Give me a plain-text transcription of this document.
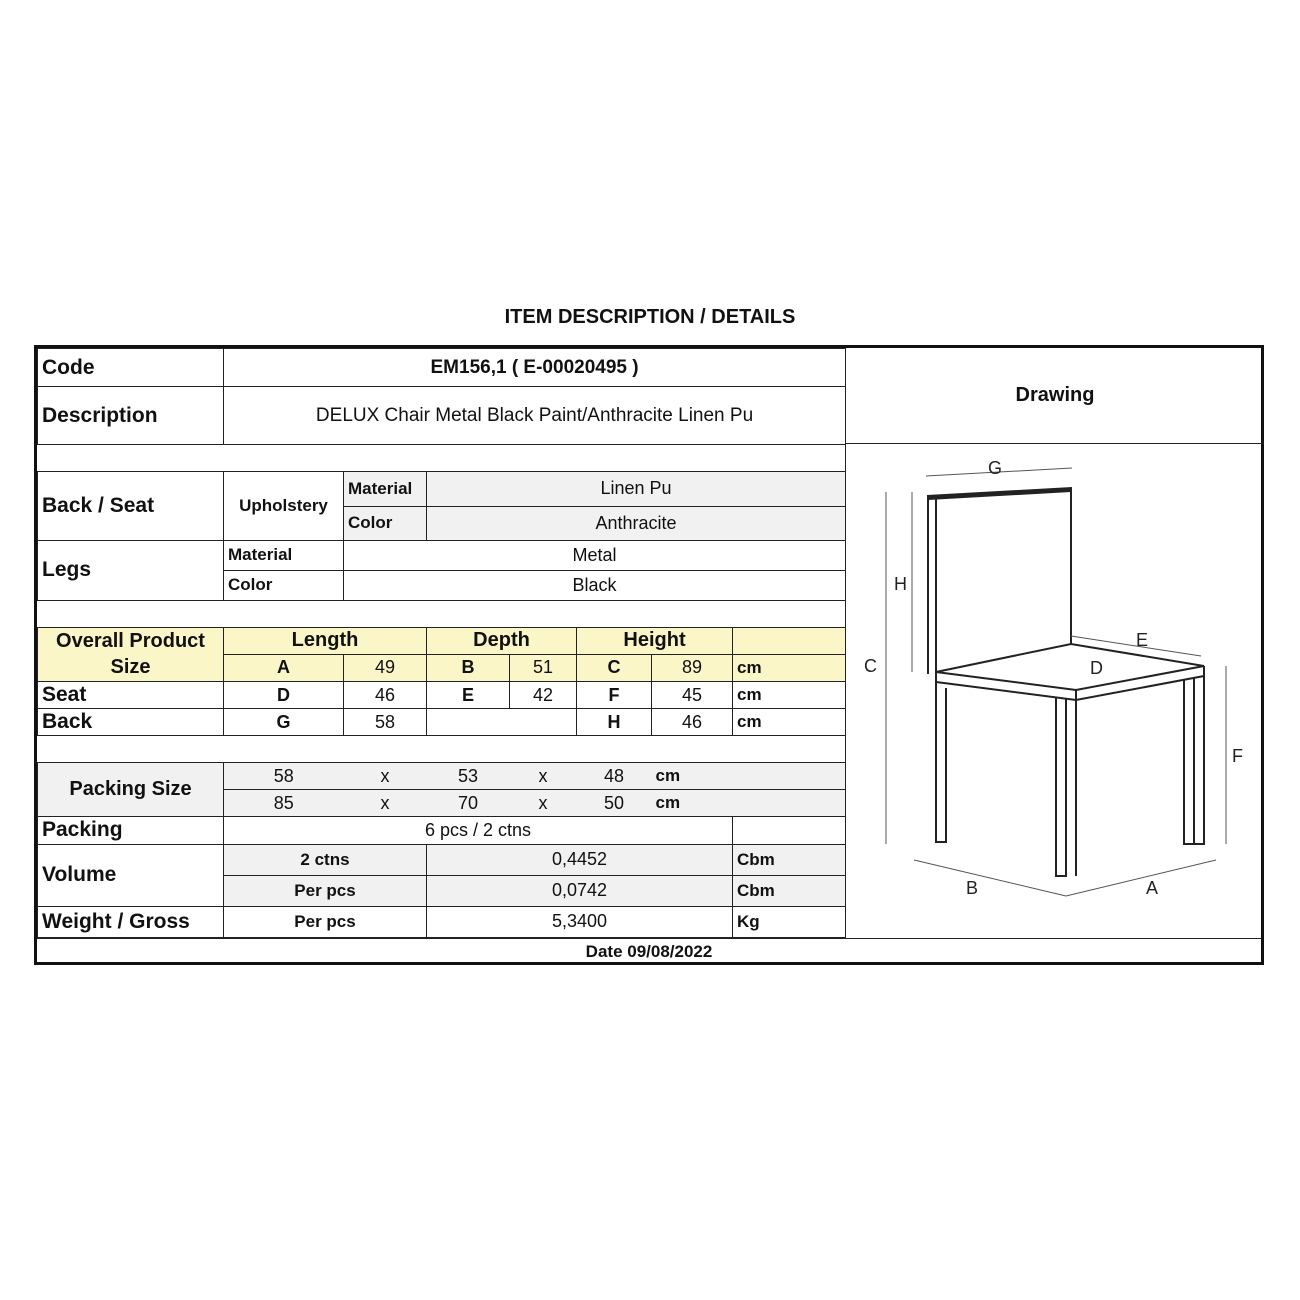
ITEM DESCRIPTION / DETAILS
Code	EM156,1 ( E-00020495 )						
Description	DELUX Chair Metal Black Paint/Anthracite Linen Pu						

Back / Seat	Upholstery	Material	Linen Pu				
		Color	Anthracite				
Legs	Material	Metal					
	Color	Black					

Overall Product
Size	Length		Depth		Height		
	A	49	B	51	C	89	cm
Seat	D	46	E	42	F	45	cm
Back	G	58			H	46	cm

Packing Size	58	x	53	x	48	cm	
	85	x	70	x	50	cm	
Packing	6 pcs / 2 ctns						
Volume	2 ctns		0,4452				Cbm
	Per pcs		0,0742				Cbm
Weight / Gross	Per pcs		5,3400				Kg
Drawing
G
H
C
E
D
F
B	A
Date 09/08/2022
